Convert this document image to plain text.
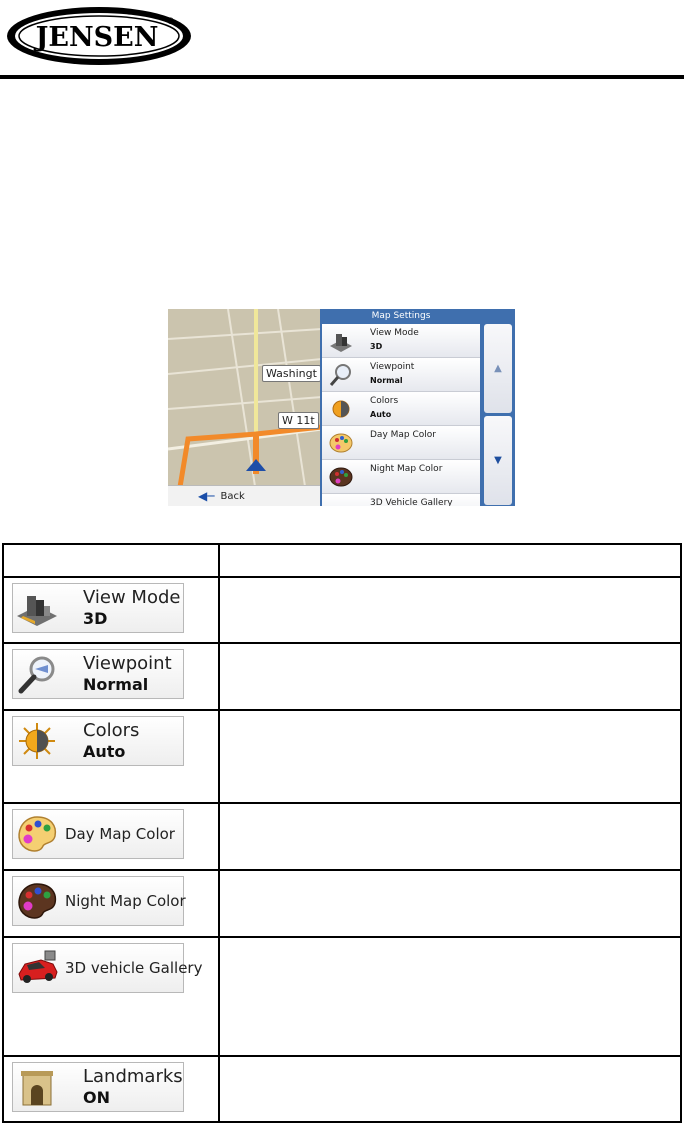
JENSEN ®
Washingt
W 11t
◀─ Back
Map Settings
View Mode
3D
Viewpoint
Normal
Colors
Auto
Day Map Color
Night Map Color
3D Vehicle Gallery
▲
▼

View Mode
3D	

Viewpoint
Normal	

Colors
Auto	

Day Map Color	

Night Map Color	

3D vehicle Gallery	

Landmarks
ON	
